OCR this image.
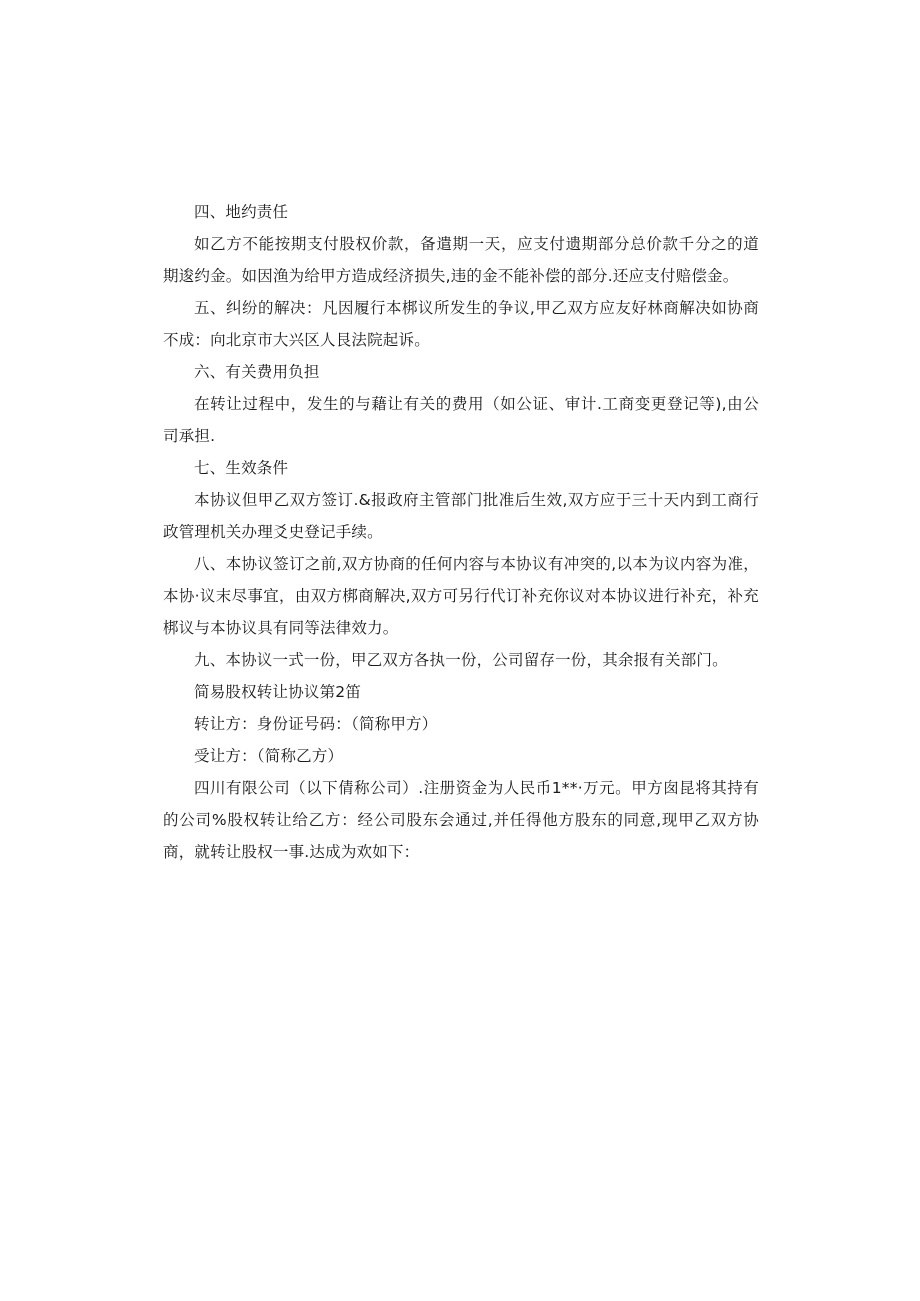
四、地约责任

如乙方不能按期支付股权价款，备遣期一天，应支付遗期部分总价款千分之的道期逡约金。如因渔为给甲方造成经济损失,违的金不能补偿的部分.还应支付赔偿金。

五、纠纷的解决：凡因履行本梆议所发生的争议,甲乙双方应友好林商解决如协商不成：向北京市大兴区人艮法院起诉。

六、有关费用负担

在转让过程中，发生的与藉让有关的费用（如公证、审计.工商变更登记等),由公司承担.

七、生效条件

本协议但甲乙双方签订.&报政府主管部门批准后生效,双方应于三十天内到工商行政管理机关办理爻史登记手续。

八、本协议签订之前,双方协商的任何内容与本协议有冲突的,以本为议内容为准，本协·议末尽事宜，由双方梆商解决,双方可另行代订补充你议对本协议进行补充，补充梆议与本协议具有同等法律效力。

九、本协议一式一份，甲乙双方各执一份，公司留存一份，其余报有关部门。

简易股权转让协议第2笛

转让方：身份证号码：（简称甲方）

受让方：（简称乙方）

四川有限公司（以下倩称公司）.注册资金为人民币1**·万元。甲方囱昆将其持有的公司%股权转让给乙方：经公司股东会通过,并任得他方股东的同意,现甲乙双方协商，就转让股权一事.达成为欢如下：
